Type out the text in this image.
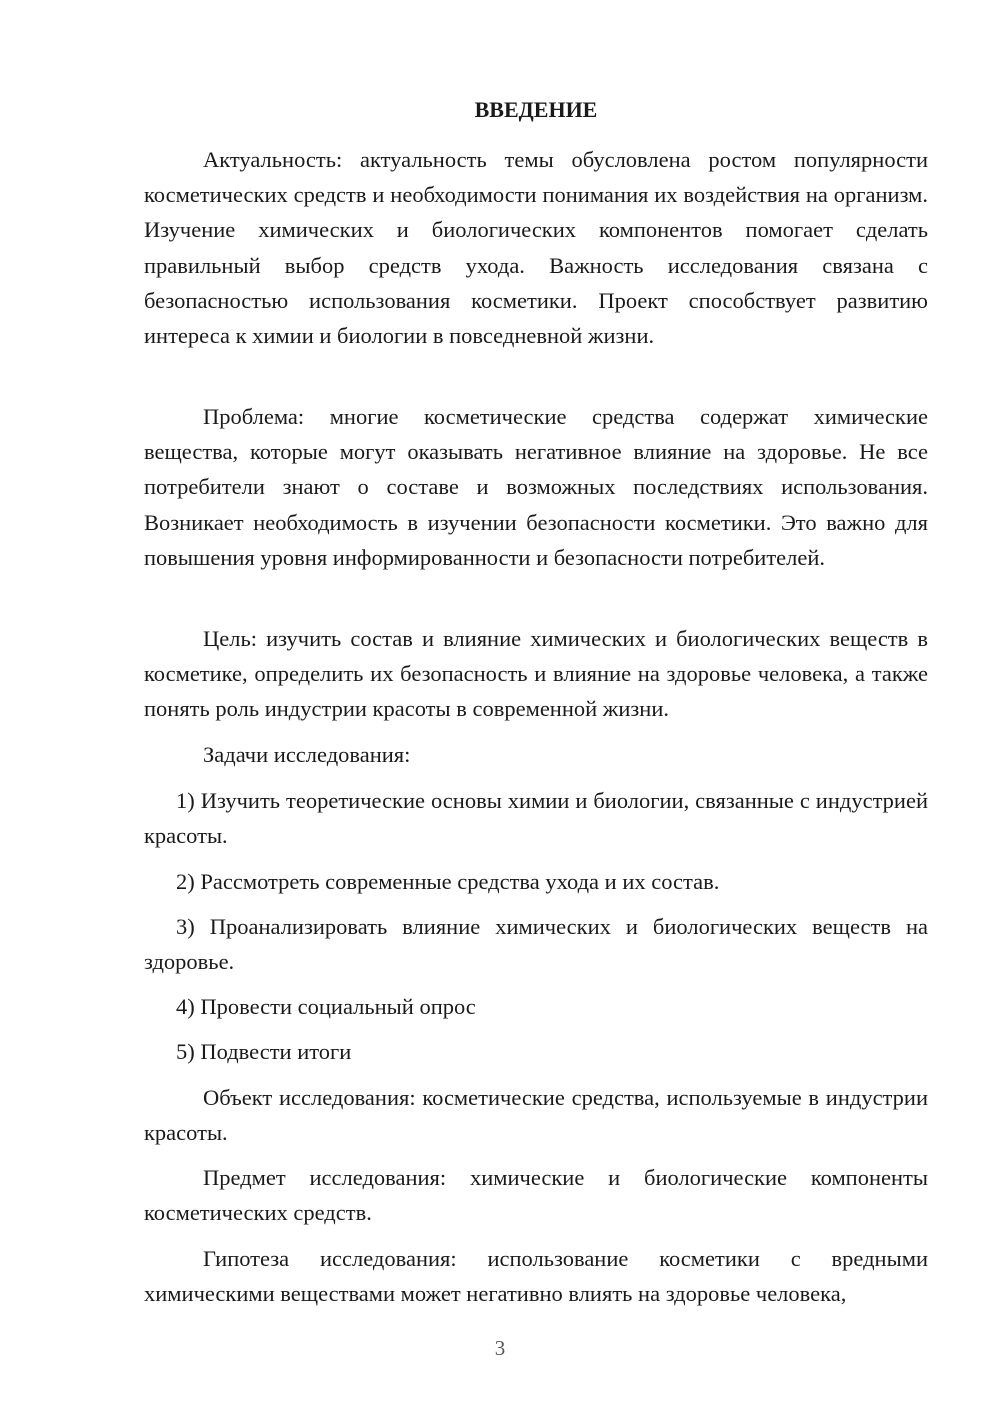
ВВЕДЕНИЕ

Актуальность: актуальность темы обусловлена ростом популярности косметических средств и необходимости понимания их воздействия на организм. Изучение химических и биологических компонентов помогает сделать правильный выбор средств ухода. Важность исследования связана с безопасностью использования косметики. Проект способствует развитию интереса к химии и биологии в повседневной жизни.

Проблема: многие косметические средства содержат химические вещества, которые могут оказывать негативное влияние на здоровье. Не все потребители знают о составе и возможных последствиях использования. Возникает необходимость в изучении безопасности косметики. Это важно для повышения уровня информированности и безопасности потребителей.

Цель: изучить состав и влияние химических и биологических веществ в косметике, определить их безопасность и влияние на здоровье человека, а также понять роль индустрии красоты в современной жизни.

Задачи исследования:

1) Изучить теоретические основы химии и биологии, связанные с индустрией красоты.

2) Рассмотреть современные средства ухода и их состав.

3) Проанализировать влияние химических и биологических веществ на здоровье.

4) Провести социальный опрос

5) Подвести итоги

Объект исследования: косметические средства, используемые в индустрии красоты.

Предмет исследования: химические и биологические компоненты косметических средств.

Гипотеза исследования: использование косметики с вредными химическими веществами может негативно влиять на здоровье человека,

3
